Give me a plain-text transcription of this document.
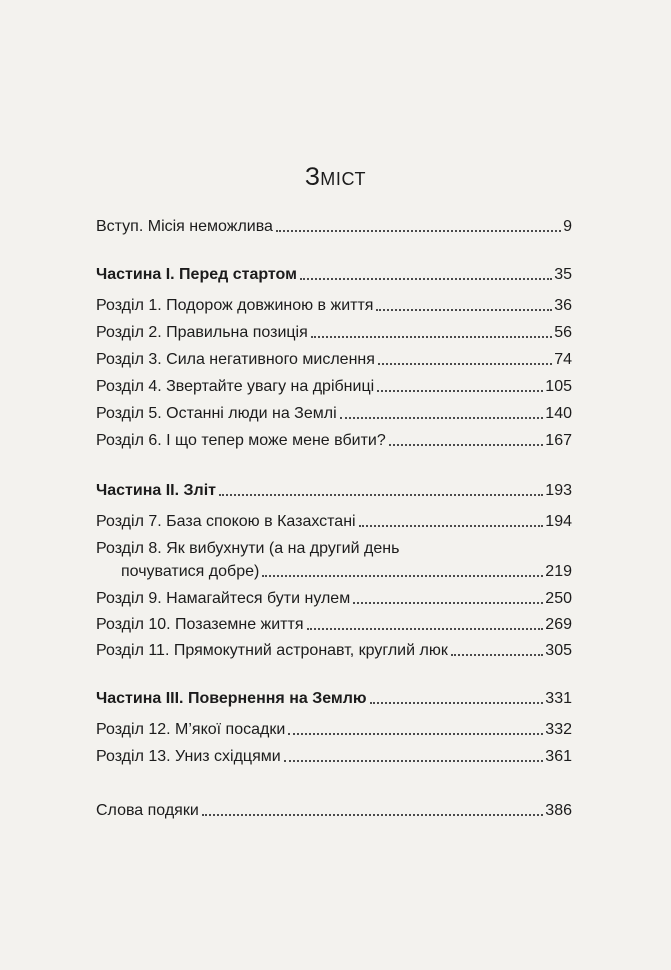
ЗМІСТ
Вступ. Місія неможлива	9
Частина І. Перед стартом	35
Розділ 1. Подорож довжиною в життя	36
Розділ 2. Правильна позиція	56
Розділ 3. Сила негативного мислення	74
Розділ 4. Звертайте увагу на дрібниці	105
Розділ 5. Останні люди на Землі	140
Розділ 6. І що тепер може мене вбити?	167
Частина ІІ. Зліт	193
Розділ 7. База спокою в Казахстані	194
Розділ 8. Як вибухнути (а на другий день
почуватися добре)	219
Розділ 9. Намагайтеся бути нулем	250
Розділ 10. Позаземне життя	269
Розділ 11. Прямокутний астронавт, круглий люк	305
Частина ІІІ. Повернення на Землю	331
Розділ 12. М’якої посадки	332
Розділ 13. Униз східцями	361
Слова подяки	386
